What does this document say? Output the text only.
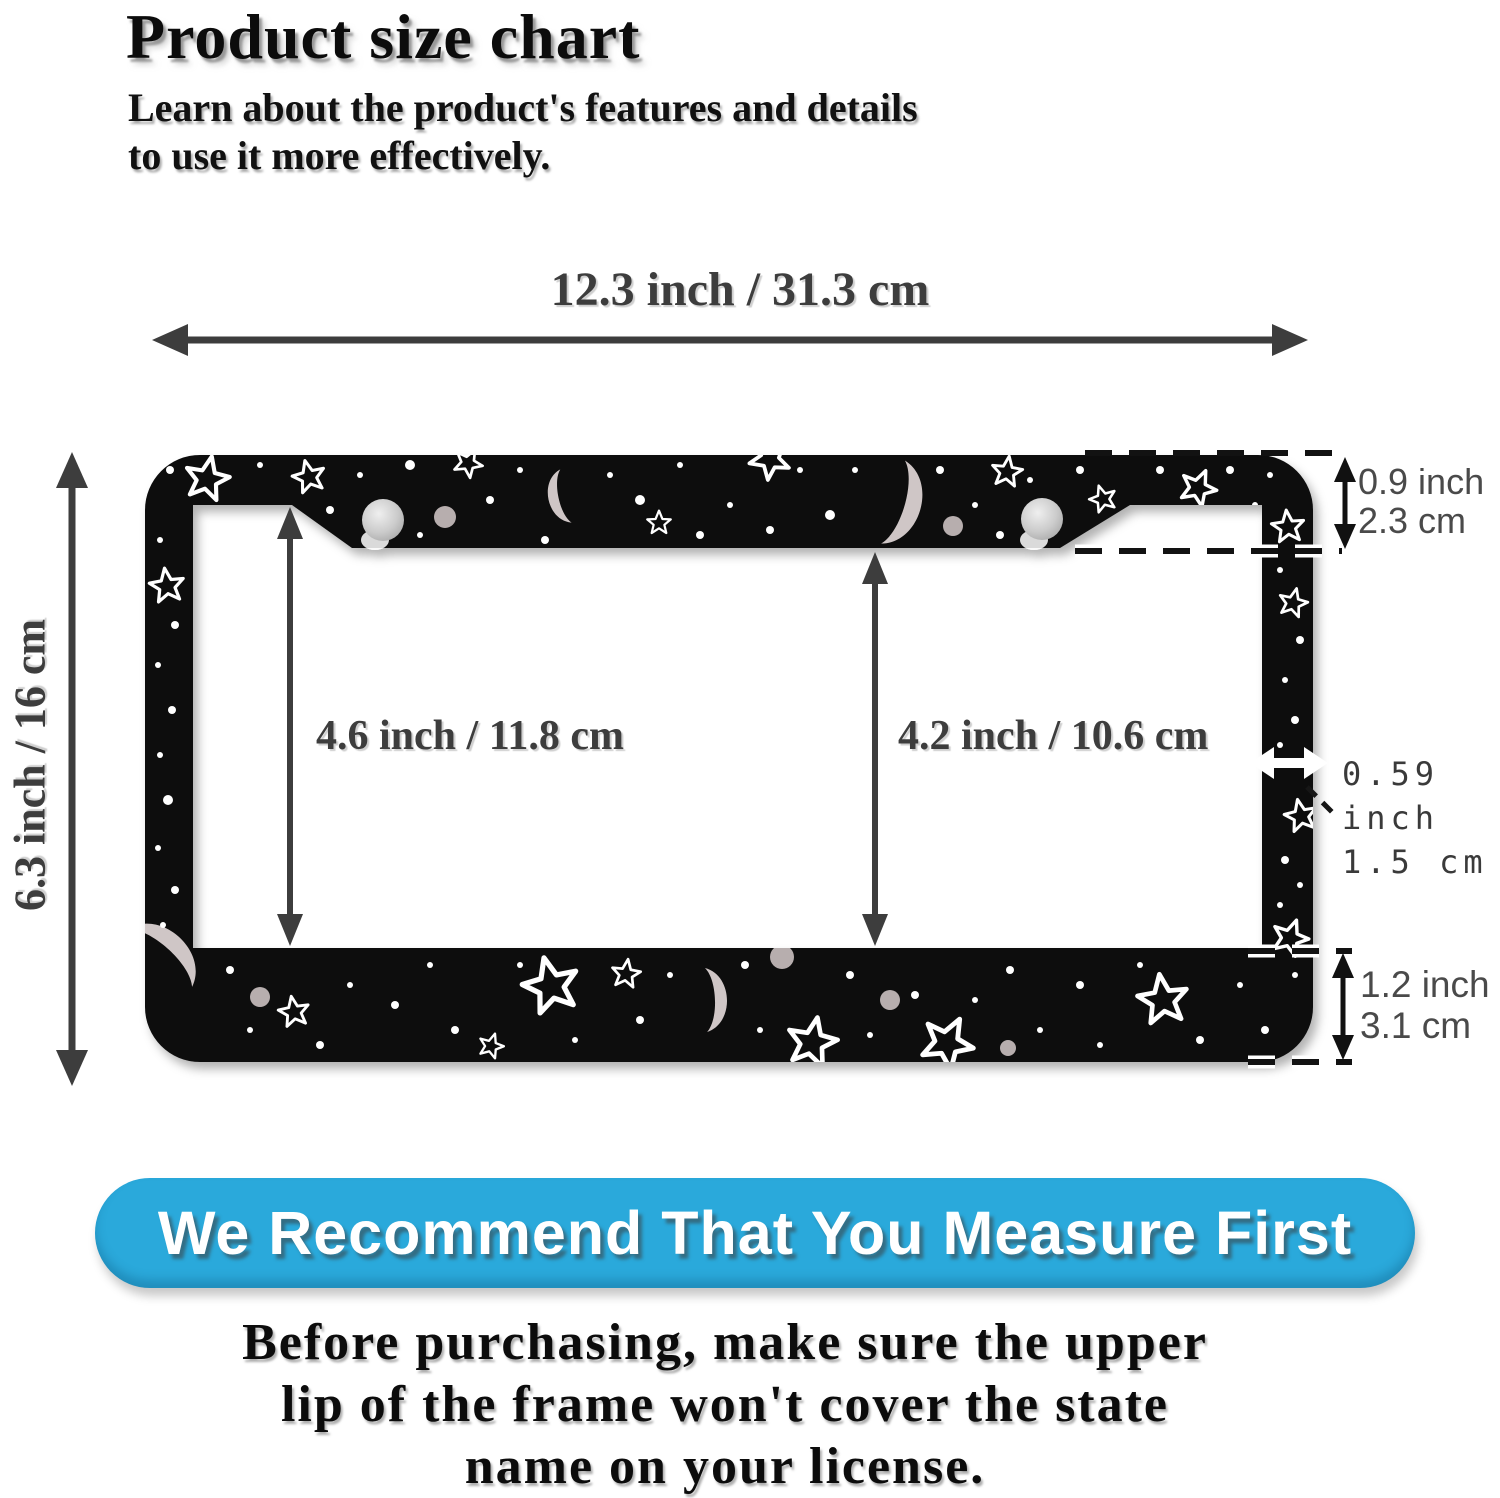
Product size chart
Learn about the product's features and details
to use it more effectively.
12.3 inch / 31.3 cm
6.3 inch / 16 cm	4.6 inch / 11.8 cm	4.2 inch / 10.6 cm
0.9 inch
2.3 cm
0.59 inch
1.5 cm
1.2 inch
3.1 cm
We Recommend That You Measure First
Before purchasing, make sure the upper
lip of the frame won't cover the state
name on your license.
